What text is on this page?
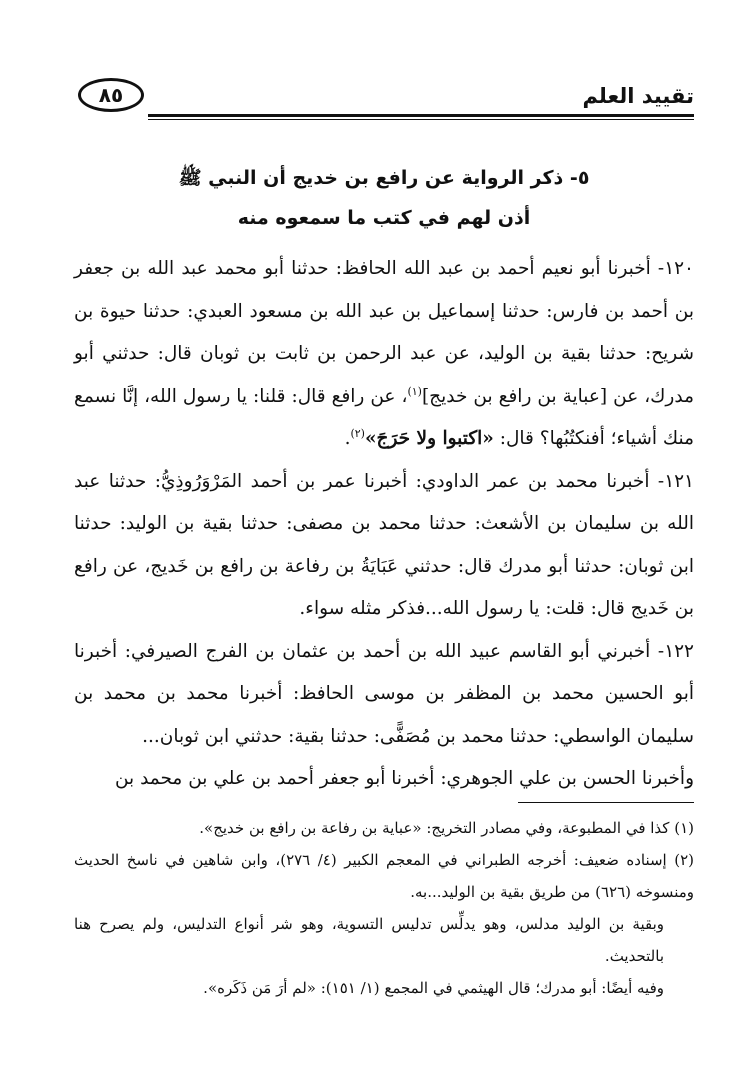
تقييد العلم
٨٥
٥- ذكر الرواية عن رافع بن خديج أن النبي ﷺ
أذن لهم في كتب ما سمعوه منه

١٢٠- أخبرنا أبو نعيم أحمد بن عبد الله الحافظ: حدثنا أبو محمد عبد الله بن جعفر بن أحمد بن فارس: حدثنا إسماعيل بن عبد الله بن مسعود العبدي: حدثنا حيوة بن شريح: حدثنا بقية بن الوليد، عن عبد الرحمن بن ثابت بن ثوبان قال: حدثني أبو مدرك، عن [عباية بن رافع بن خديج]$^{(١)}$، عن رافع قال: قلنا: يا رسول الله، إنَّا نسمع منك أشياء؛ أفنكتُبُها؟ قال: «اكتبوا ولا حَرَجَ»$^{(٢)}$.

١٢١- أخبرنا محمد بن عمر الداودي: أخبرنا عمر بن أحمد المَرْوَرُوذِيُّ: حدثنا عبد الله بن سليمان بن الأشعث: حدثنا محمد بن مصفى: حدثنا بقية بن الوليد: حدثنا ابن ثوبان: حدثنا أبو مدرك قال: حدثني عَبَايَةُ بن رفاعة بن رافع بن خَديج، عن رافع بن خَديج قال: قلت: يا رسول الله...فذكر مثله سواء.

١٢٢- أخبرني أبو القاسم عبيد الله بن أحمد بن عثمان بن الفرج الصيرفي: أخبرنا أبو الحسين محمد بن المظفر بن موسى الحافظ: أخبرنا محمد بن محمد بن سليمان الواسطي: حدثنا محمد بن مُصَفًّى: حدثنا بقية: حدثني ابن ثوبان...

وأخبرنا الحسن بن علي الجوهري: أخبرنا أبو جعفر أحمد بن علي بن محمد بن

(١) كذا في المطبوعة، وفي مصادر التخريج: «عباية بن رفاعة بن رافع بن خديج».

(٢) إسناده ضعيف: أخرجه الطبراني في المعجم الكبير (٤/ ٢٧٦)، وابن شاهين في ناسخ الحديث ومنسوخه (٦٢٦) من طريق بقية بن الوليد...به.

وبقية بن الوليد مدلس، وهو يدلِّس تدليس التسوية، وهو شر أنواع التدليس، ولم يصرح هنا بالتحديث.

وفيه أيضًا: أبو مدرك؛ قال الهيثمي في المجمع (١/ ١٥١): «لم أرَ مَن ذَكَره».
